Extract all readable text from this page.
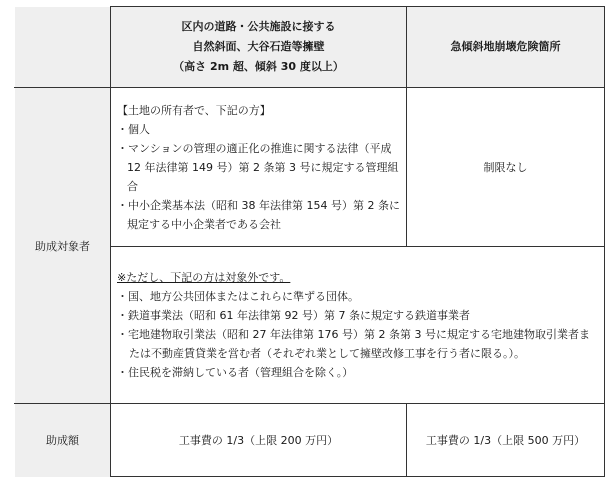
	区内の道路・公共施設に接する
自然斜面、大谷石造等擁壁
（高さ 2m 超、傾斜 30 度以上）	急傾斜地崩壊危険箇所
助成対象者	【土地の所有者で、下記の方】
・個人
・マンションの管理の適正化の推進に関する法律（平成 12 年法律第 149 号）第 2 条第 3 号に規定する管理組合
・中小企業基本法（昭和 38 年法律第 154 号）第 2 条に規定する中小企業者である会社	制限なし

	※ただし、下記の方は対象外です。
・国、地方公共団体またはこれらに準ずる団体。
・鉄道事業法（昭和 61 年法律第 92 号）第 7 条に規定する鉄道事業者
・宅地建物取引業法（昭和 27 年法律第 176 号）第 2 条第 3 号に規定する宅地建物取引業者または不動産賃貸業を営む者（それぞれ業として擁壁改修工事を行う者に限る。）。
・住民税を滞納している者（管理組合を除く。）	

助成額	工事費の 1/3（上限 200 万円）	工事費の 1/3（上限 500 万円）
